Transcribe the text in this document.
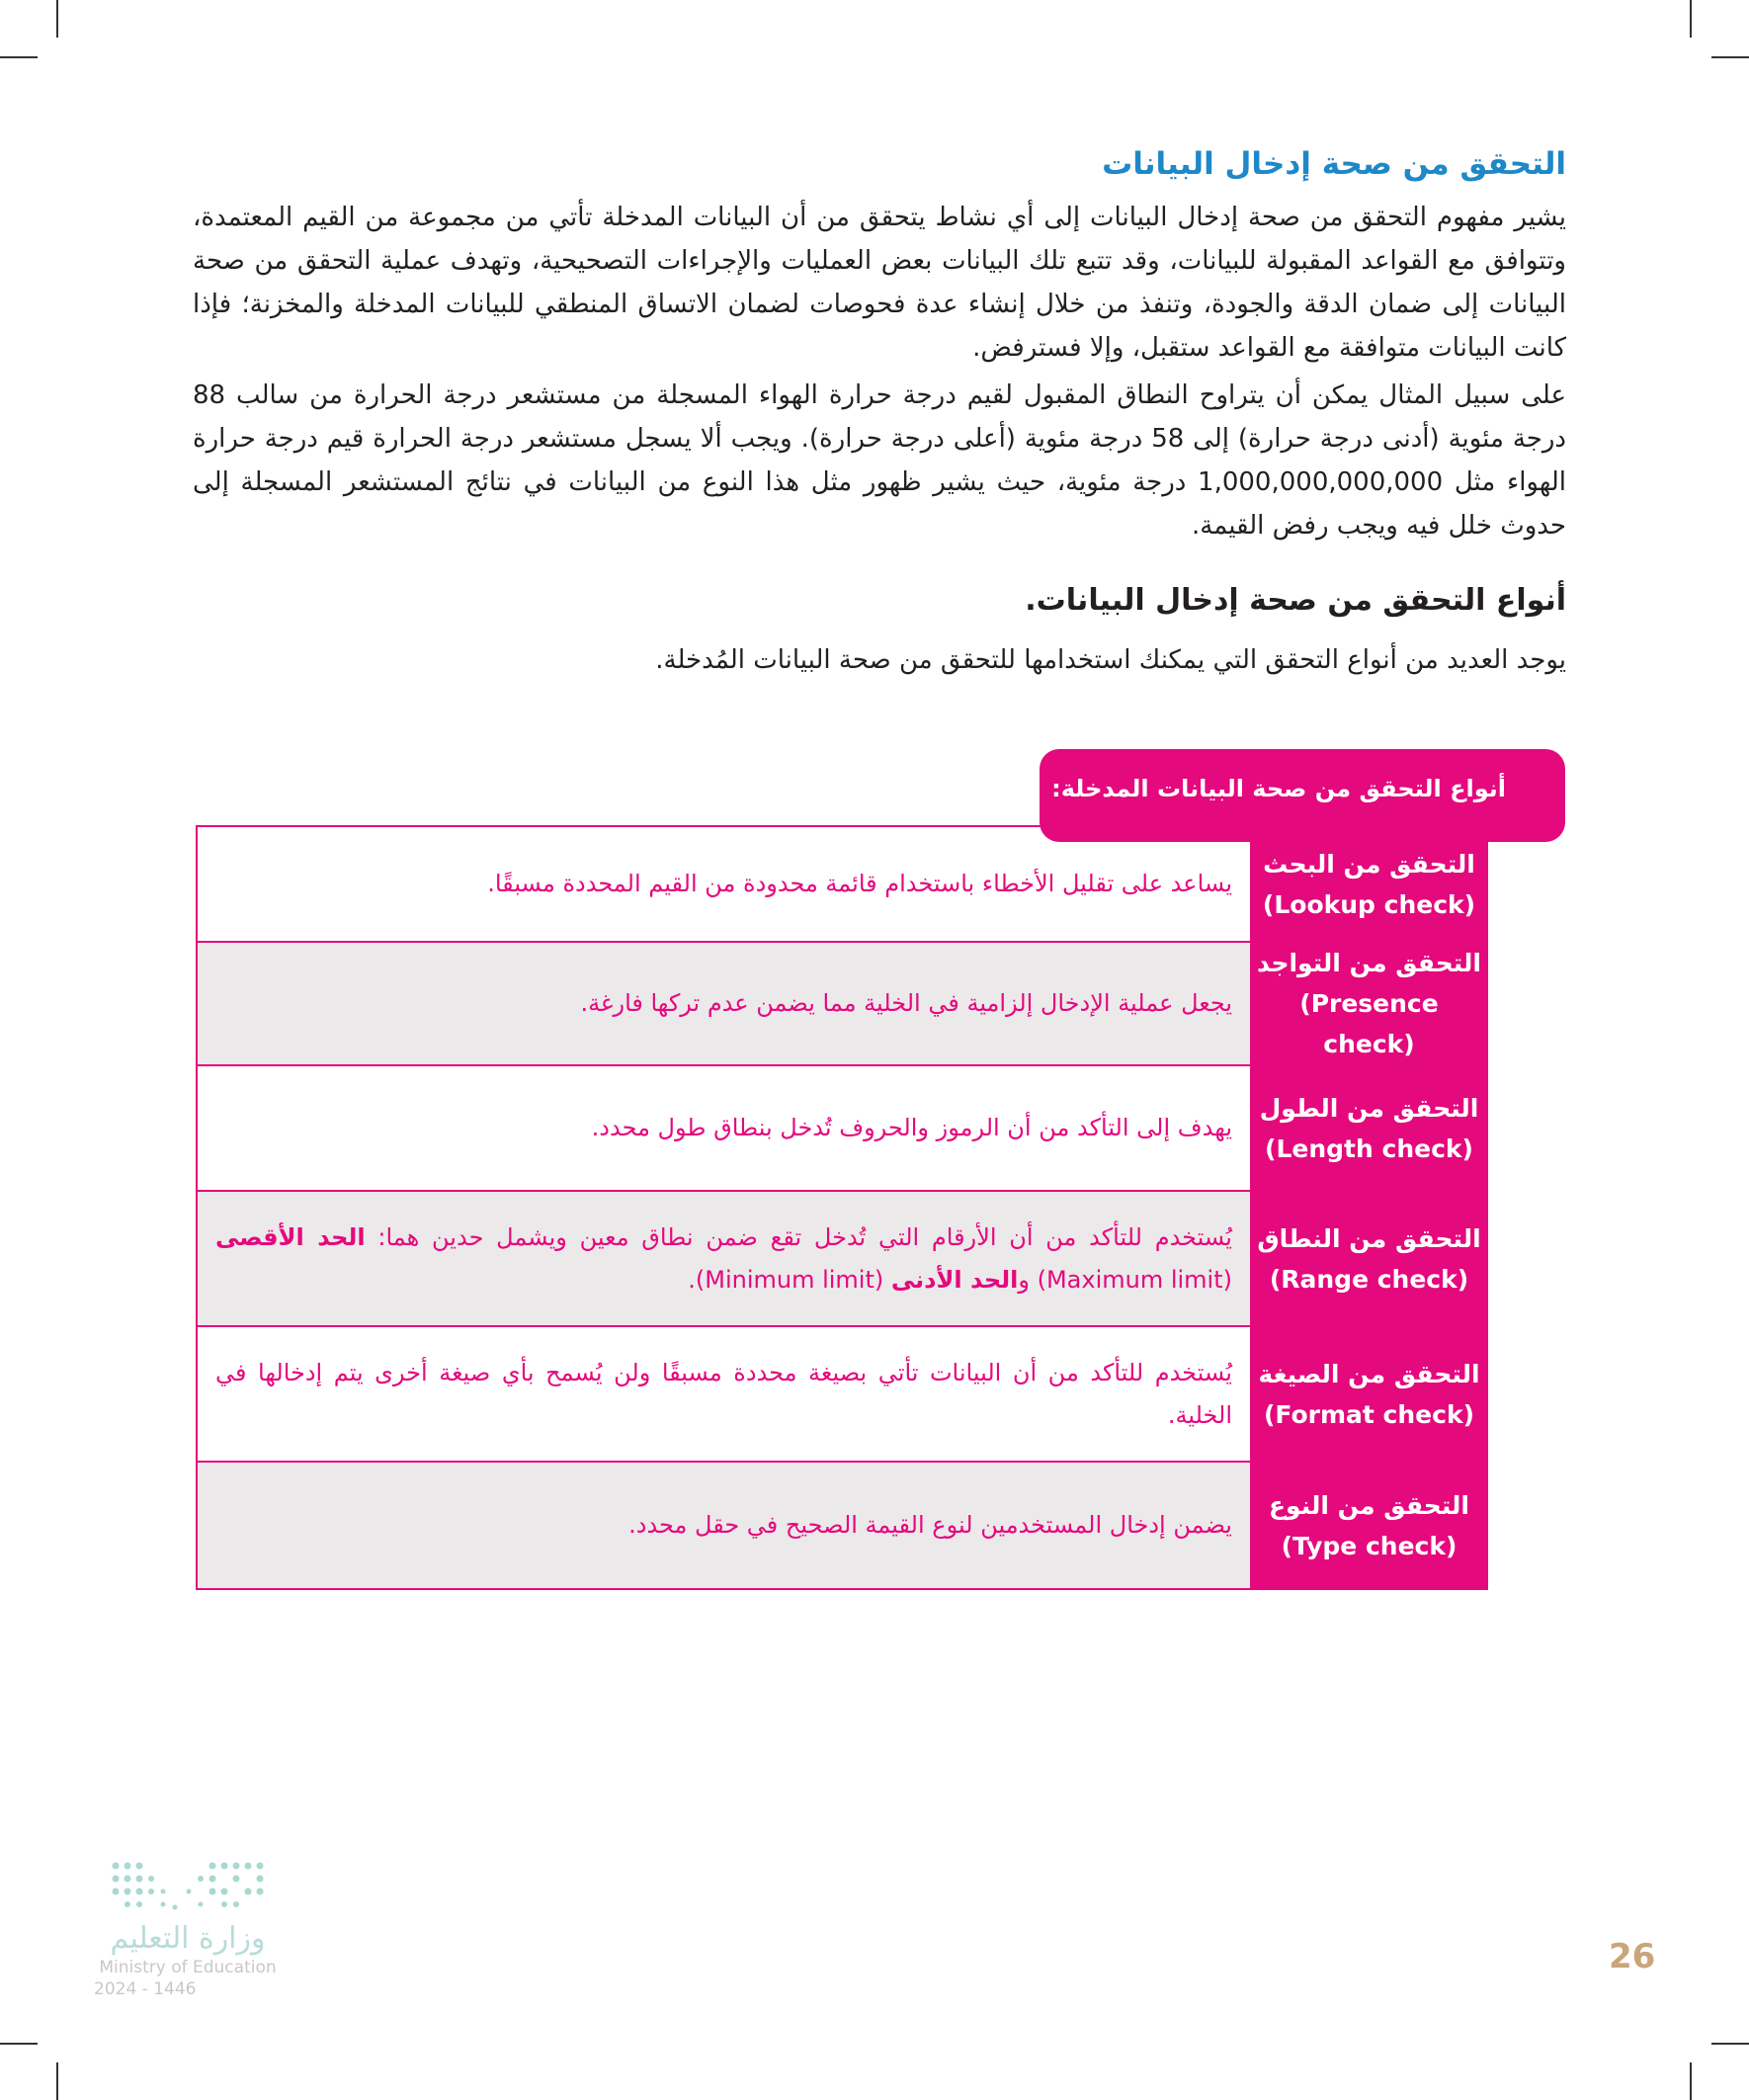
التحقق من صحة إدخال البيانات

يشير مفهوم التحقق من صحة إدخال البيانات إلى أي نشاط يتحقق من أن البيانات المدخلة تأتي من مجموعة من القيم المعتمدة، وتتوافق مع القواعد المقبولة للبيانات، وقد تتبع تلك البيانات بعض العمليات والإجراءات التصحيحية، وتهدف عملية التحقق من صحة البيانات إلى ضمان الدقة والجودة، وتنفذ من خلال إنشاء عدة فحوصات لضمان الاتساق المنطقي للبيانات المدخلة والمخزنة؛ فإذا كانت البيانات متوافقة مع القواعد ستقبل، وإلا فسترفض.

على سبيل المثال يمكن أن يتراوح النطاق المقبول لقيم درجة حرارة الهواء المسجلة من مستشعر درجة الحرارة من سالب 88 درجة مئوية (أدنى درجة حرارة) إلى 58 درجة مئوية (أعلى درجة حرارة). ويجب ألا يسجل مستشعر درجة الحرارة قيم درجة حرارة الهواء مثل 1,000,000,000,000 درجة مئوية، حيث يشير ظهور مثل هذا النوع من البيانات في نتائج المستشعر المسجلة إلى حدوث خلل فيه ويجب رفض القيمة.

أنواع التحقق من صحة إدخال البيانات.

يوجد العديد من أنواع التحقق التي يمكنك استخدامها للتحقق من صحة البيانات المُدخلة.

أنواع التحقق من صحة البيانات المدخلة:
التحقق من البحث
(Lookup check)	يساعد على تقليل الأخطاء باستخدام قائمة محدودة من القيم المحددة مسبقًا.

التحقق من التواجد
(Presence check)	يجعل عملية الإدخال إلزامية في الخلية مما يضمن عدم تركها فارغة.

التحقق من الطول
(Length check)	يهدف إلى التأكد من أن الرموز والحروف تُدخل بنطاق طول محدد.

التحقق من النطاق
(Range check)	يُستخدم للتأكد من أن الأرقام التي تُدخل تقع ضمن نطاق معين ويشمل حدين هما: الحد الأقصى (Maximum limit) والحد الأدنى (Minimum limit).

التحقق من الصيغة
(Format check)	يُستخدم للتأكد من أن البيانات تأتي بصيغة محددة مسبقًا ولن يُسمح بأي صيغة أخرى يتم إدخالها في الخلية.

التحقق من النوع
(Type check)	يضمن إدخال المستخدمين لنوع القيمة الصحيح في حقل محدد.
وزارة التعليم
Ministry of Education
2024 - 1446
26
